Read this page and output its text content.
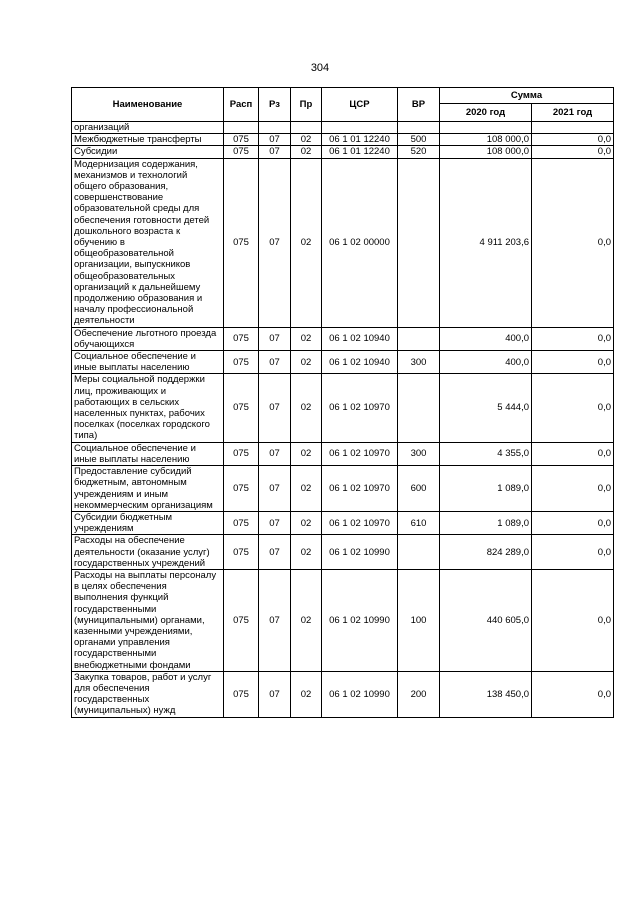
304
Наименование	Расп	Рз	Пр	ЦСР	ВР	Сумма	
						2020 год	2021 год
организаций							
Межбюджетные трансферты	075	07	02	06 1 01 12240	500	108 000,0	0,0
Субсидии	075	07	02	06 1 01 12240	520	108 000,0	0,0
Модернизация содержания, механизмов и технологий общего образования, совершенствование образовательной среды для обеспечения готовности детей дошкольного возраста к обучению в общеобразовательной организации, выпускников общеобразовательных организаций к дальнейшему продолжению образования и началу профессиональной деятельности	075	07	02	06 1 02 00000		4 911 203,6	0,0
Обеспечение льготного проезда обучающихся	075	07	02	06 1 02 10940		400,0	0,0
Социальное обеспечение и иные выплаты населению	075	07	02	06 1 02 10940	300	400,0	0,0
Меры социальной поддержки лиц, проживающих и работающих в сельских населенных пунктах, рабочих поселках (поселках городского типа)	075	07	02	06 1 02 10970		5 444,0	0,0
Социальное обеспечение и иные выплаты населению	075	07	02	06 1 02 10970	300	4 355,0	0,0
Предоставление субсидий бюджетным, автономным учреждениям и иным некоммерческим организациям	075	07	02	06 1 02 10970	600	1 089,0	0,0
Субсидии бюджетным учреждениям	075	07	02	06 1 02 10970	610	1 089,0	0,0
Расходы на обеспечение деятельности (оказание услуг) государственных учреждений	075	07	02	06 1 02 10990		824 289,0	0,0
Расходы на выплаты персоналу в целях обеспечения выполнения функций государственными (муниципальными) органами, казенными учреждениями, органами управления государственными внебюджетными фондами	075	07	02	06 1 02 10990	100	440 605,0	0,0
Закупка товаров, работ и услуг для обеспечения государственных (муниципальных) нужд	075	07	02	06 1 02 10990	200	138 450,0	0,0
